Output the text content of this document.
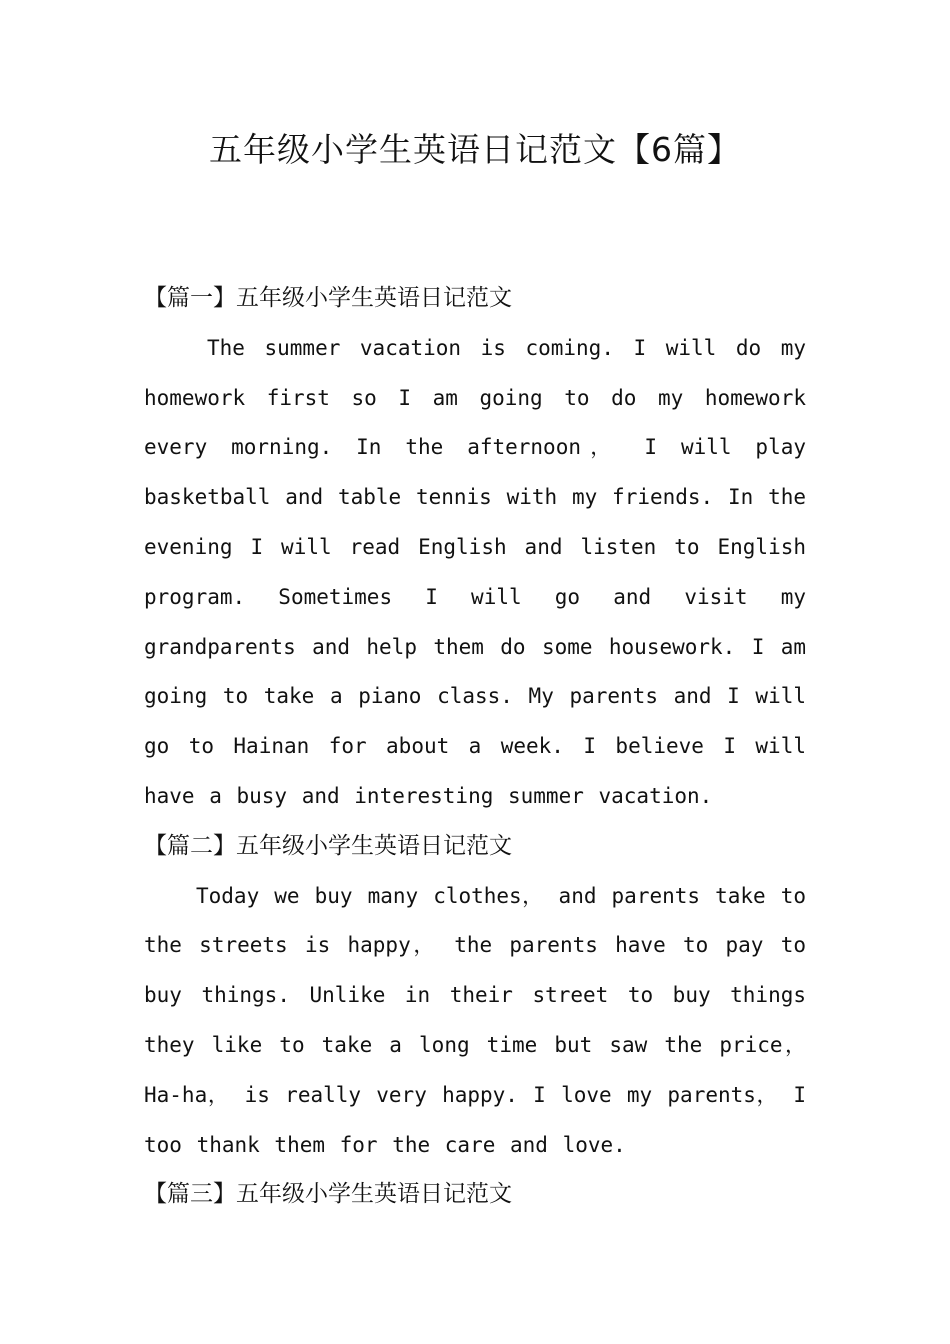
五年级小学生英语日记范文【6篇】
【篇一】五年级小学生英语日记范文
The summer vacation is coming. I will do my homework first so I am going to do my homework every morning. In the afternoon， I will play basketball and table tennis with my friends. In the evening I will read English and listen to English program. Sometimes I will go and visit my grandparents and help them do some housework. I am going to take a piano class. My parents and I will go to Hainan for about a week. I believe I will have a busy and interesting summer vacation.
【篇二】五年级小学生英语日记范文
Today we buy many clothes， and parents take to the streets is happy， the parents have to pay to buy things. Unlike in their street to buy things they like to take a long time but saw the price， Ha-ha， is really very happy. I love my parents， I too thank them for the care and love.
【篇三】五年级小学生英语日记范文
